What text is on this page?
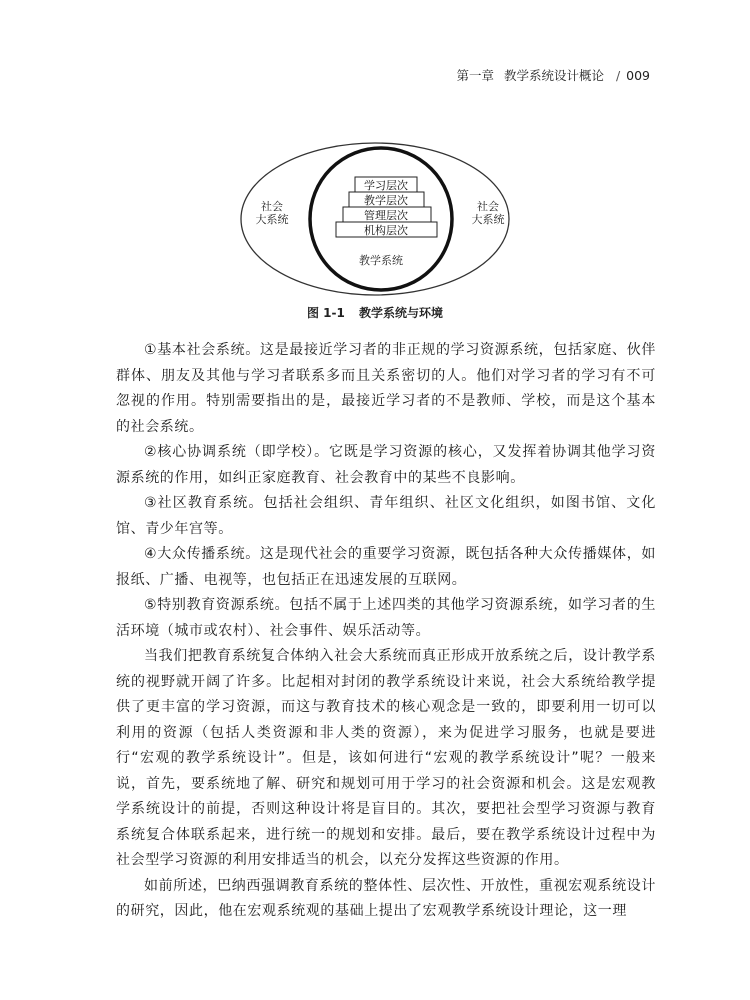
第一章 教学系统设计概论 / 009
社会
大系统
社会
大系统
学习层次
教学层次
管理层次
机构层次
教学系统
图 1-1 教学系统与环境

①基本社会系统。这是最接近学习者的非正规的学习资源系统，包括家庭、伙伴群体、朋友及其他与学习者联系多而且关系密切的人。他们对学习者的学习有不可忽视的作用。特别需要指出的是，最接近学习者的不是教师、学校，而是这个基本的社会系统。

②核心协调系统（即学校）。它既是学习资源的核心，又发挥着协调其他学习资源系统的作用，如纠正家庭教育、社会教育中的某些不良影响。

③社区教育系统。包括社会组织、青年组织、社区文化组织，如图书馆、文化馆、青少年宫等。

④大众传播系统。这是现代社会的重要学习资源，既包括各种大众传播媒体，如报纸、广播、电视等，也包括正在迅速发展的互联网。

⑤特别教育资源系统。包括不属于上述四类的其他学习资源系统，如学习者的生活环境（城市或农村）、社会事件、娱乐活动等。

当我们把教育系统复合体纳入社会大系统而真正形成开放系统之后，设计教学系统的视野就开阔了许多。比起相对封闭的教学系统设计来说，社会大系统给教学提供了更丰富的学习资源，而这与教育技术的核心观念是一致的，即要利用一切可以利用的资源（包括人类资源和非人类的资源），来为促进学习服务，也就是要进行“宏观的教学系统设计”。但是，该如何进行“宏观的教学系统设计”呢？一般来说，首先，要系统地了解、研究和规划可用于学习的社会资源和机会。这是宏观教学系统设计的前提，否则这种设计将是盲目的。其次，要把社会型学习资源与教育系统复合体联系起来，进行统一的规划和安排。最后，要在教学系统设计过程中为社会型学习资源的利用安排适当的机会，以充分发挥这些资源的作用。

如前所述，巴纳西强调教育系统的整体性、层次性、开放性，重视宏观系统设计的研究，因此，他在宏观系统观的基础上提出了宏观教学系统设计理论，这一理
